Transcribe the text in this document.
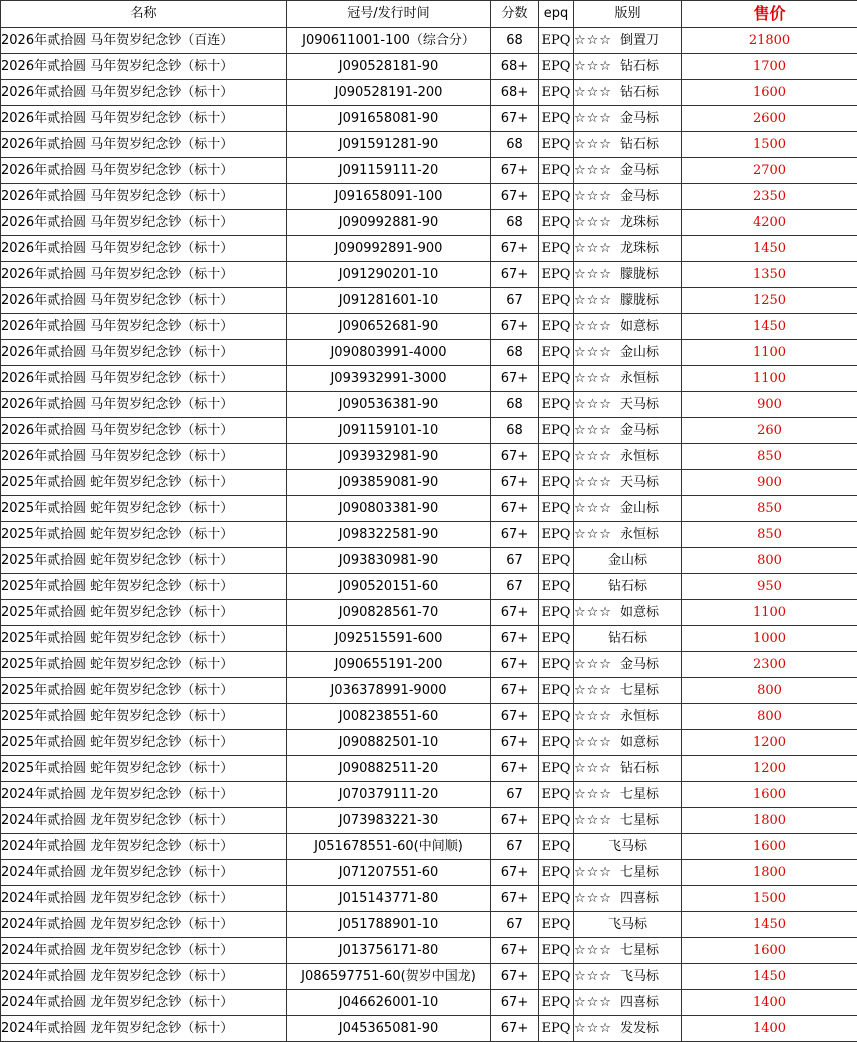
名称	冠号/发行时间	分数	epq	版别	售价
2026年贰拾圆 马年贺岁纪念钞（百连）	J090611001-100（综合分）	68	EPQ	☆☆☆ 倒置刀	21800
2026年贰拾圆 马年贺岁纪念钞（标十）	J090528181-90	68+	EPQ	☆☆☆ 钻石标	1700
2026年贰拾圆 马年贺岁纪念钞（标十）	J090528191-200	68+	EPQ	☆☆☆ 钻石标	1600
2026年贰拾圆 马年贺岁纪念钞（标十）	J091658081-90	67+	EPQ	☆☆☆ 金马标	2600
2026年贰拾圆 马年贺岁纪念钞（标十）	J091591281-90	68	EPQ	☆☆☆ 钻石标	1500
2026年贰拾圆 马年贺岁纪念钞（标十）	J091159111-20	67+	EPQ	☆☆☆ 金马标	2700
2026年贰拾圆 马年贺岁纪念钞（标十）	J091658091-100	67+	EPQ	☆☆☆ 金马标	2350
2026年贰拾圆 马年贺岁纪念钞（标十）	J090992881-90	68	EPQ	☆☆☆ 龙珠标	4200
2026年贰拾圆 马年贺岁纪念钞（标十）	J090992891-900	67+	EPQ	☆☆☆ 龙珠标	1450
2026年贰拾圆 马年贺岁纪念钞（标十）	J091290201-10	67+	EPQ	☆☆☆ 朦胧标	1350
2026年贰拾圆 马年贺岁纪念钞（标十）	J091281601-10	67	EPQ	☆☆☆ 朦胧标	1250
2026年贰拾圆 马年贺岁纪念钞（标十）	J090652681-90	67+	EPQ	☆☆☆ 如意标	1450
2026年贰拾圆 马年贺岁纪念钞（标十）	J090803991-4000	68	EPQ	☆☆☆ 金山标	1100
2026年贰拾圆 马年贺岁纪念钞（标十）	J093932991-3000	67+	EPQ	☆☆☆ 永恒标	1100
2026年贰拾圆 马年贺岁纪念钞（标十）	J090536381-90	68	EPQ	☆☆☆ 天马标	900
2026年贰拾圆 马年贺岁纪念钞（标十）	J091159101-10	68	EPQ	☆☆☆ 金马标	260
2026年贰拾圆 马年贺岁纪念钞（标十）	J093932981-90	67+	EPQ	☆☆☆ 永恒标	850
2025年贰拾圆 蛇年贺岁纪念钞（标十）	J093859081-90	67+	EPQ	☆☆☆ 天马标	900
2025年贰拾圆 蛇年贺岁纪念钞（标十）	J090803381-90	67+	EPQ	☆☆☆ 金山标	850
2025年贰拾圆 蛇年贺岁纪念钞（标十）	J098322581-90	67+	EPQ	☆☆☆ 永恒标	850
2025年贰拾圆 蛇年贺岁纪念钞（标十）	J093830981-90	67	EPQ	金山标	800
2025年贰拾圆 蛇年贺岁纪念钞（标十）	J090520151-60	67	EPQ	钻石标	950
2025年贰拾圆 蛇年贺岁纪念钞（标十）	J090828561-70	67+	EPQ	☆☆☆ 如意标	1100
2025年贰拾圆 蛇年贺岁纪念钞（标十）	J092515591-600	67+	EPQ	钻石标	1000
2025年贰拾圆 蛇年贺岁纪念钞（标十）	J090655191-200	67+	EPQ	☆☆☆ 金马标	2300
2025年贰拾圆 蛇年贺岁纪念钞（标十）	J036378991-9000	67+	EPQ	☆☆☆ 七星标	800
2025年贰拾圆 蛇年贺岁纪念钞（标十）	J008238551-60	67+	EPQ	☆☆☆ 永恒标	800
2025年贰拾圆 蛇年贺岁纪念钞（标十）	J090882501-10	67+	EPQ	☆☆☆ 如意标	1200
2025年贰拾圆 蛇年贺岁纪念钞（标十）	J090882511-20	67+	EPQ	☆☆☆ 钻石标	1200
2024年贰拾圆 龙年贺岁纪念钞（标十）	J070379111-20	67	EPQ	☆☆☆ 七星标	1600
2024年贰拾圆 龙年贺岁纪念钞（标十）	J073983221-30	67+	EPQ	☆☆☆ 七星标	1800
2024年贰拾圆 龙年贺岁纪念钞（标十）	J051678551-60(中间顺)	67	EPQ	飞马标	1600
2024年贰拾圆 龙年贺岁纪念钞（标十）	J071207551-60	67+	EPQ	☆☆☆ 七星标	1800
2024年贰拾圆 龙年贺岁纪念钞（标十）	J015143771-80	67+	EPQ	☆☆☆ 四喜标	1500
2024年贰拾圆 龙年贺岁纪念钞（标十）	J051788901-10	67	EPQ	飞马标	1450
2024年贰拾圆 龙年贺岁纪念钞（标十）	J013756171-80	67+	EPQ	☆☆☆ 七星标	1600
2024年贰拾圆 龙年贺岁纪念钞（标十）	J086597751-60(贺岁中国龙)	67+	EPQ	☆☆☆ 飞马标	1450
2024年贰拾圆 龙年贺岁纪念钞（标十）	J046626001-10	67+	EPQ	☆☆☆ 四喜标	1400
2024年贰拾圆 龙年贺岁纪念钞（标十）	J045365081-90	67+	EPQ	☆☆☆ 发发标	1400
